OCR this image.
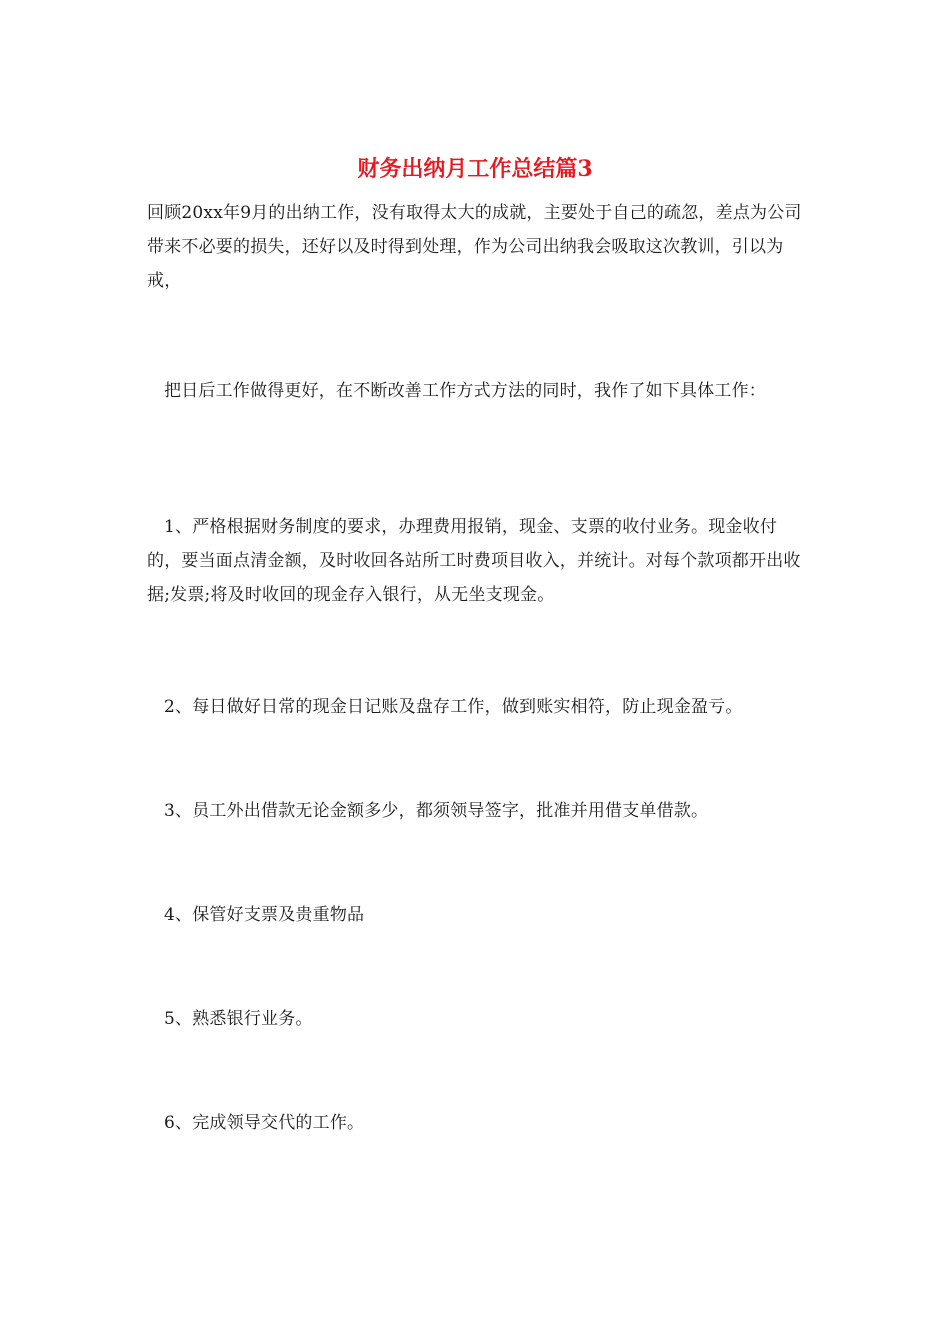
财务出纳月工作总结篇3

回顾20xx年9月的出纳工作，没有取得太大的成就，主要处于自己的疏忽，差点为公司带来不必要的损失，还好以及时得到处理，作为公司出纳我会吸取这次教训，引以为戒，

把日后工作做得更好，在不断改善工作方式方法的同时，我作了如下具体工作：

1、严格根据财务制度的要求，办理费用报销，现金、支票的收付业务。现金收付的，要当面点清金额，及时收回各站所工时费项目收入，并统计。对每个款项都开出收据;发票;将及时收回的现金存入银行，从无坐支现金。

2、每日做好日常的现金日记账及盘存工作，做到账实相符，防止现金盈亏。

3、员工外出借款无论金额多少，都须领导签字，批准并用借支单借款。

4、保管好支票及贵重物品

5、熟悉银行业务。

6、完成领导交代的工作。
